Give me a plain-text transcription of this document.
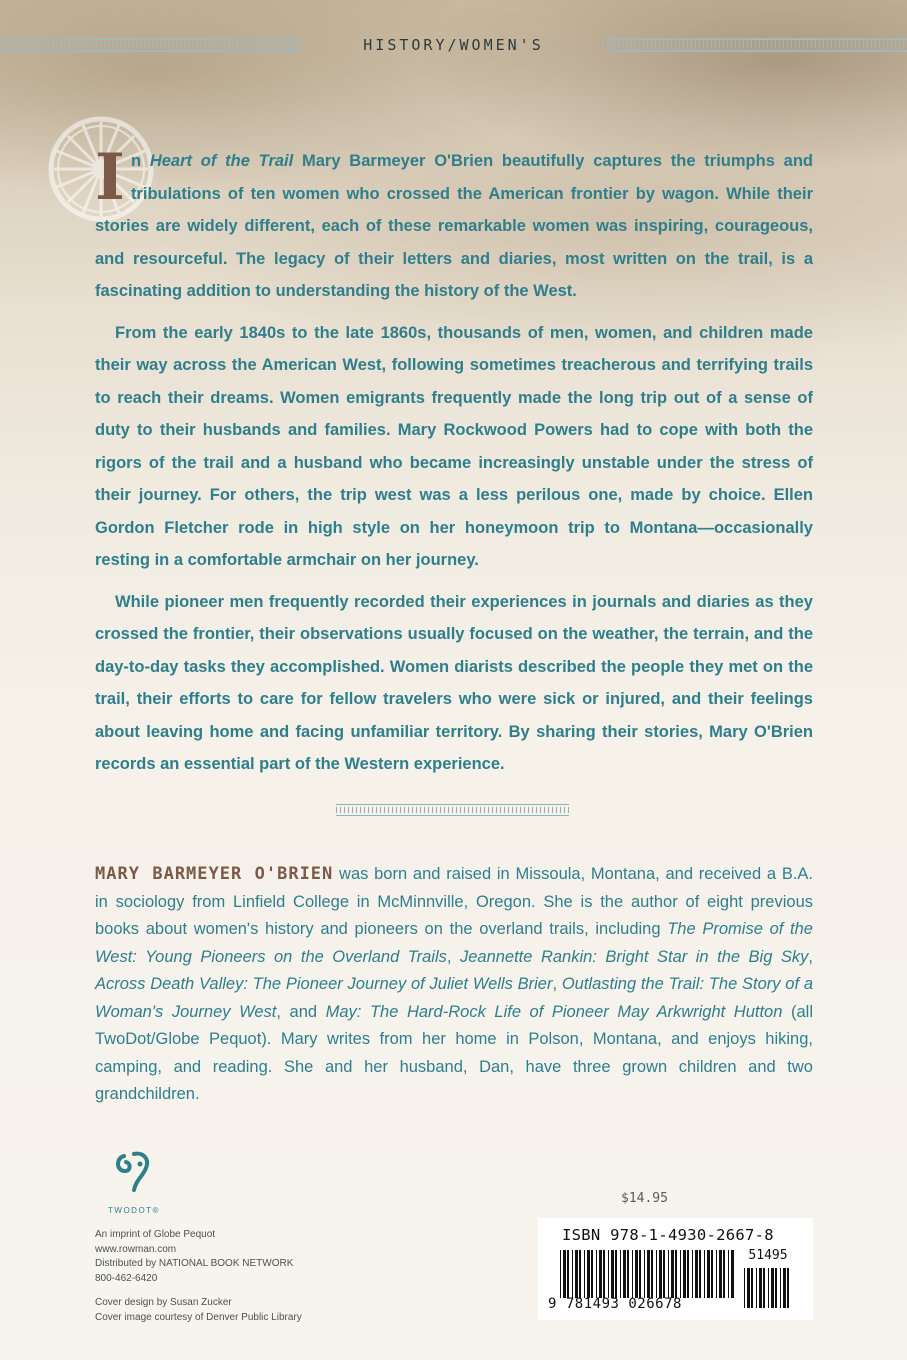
HISTORY/WOMEN'S

In Heart of the Trail Mary Barmeyer O'Brien beautifully captures the triumphs and tribulations of ten women who crossed the American frontier by wagon. While their stories are widely different, each of these remarkable women was inspiring, courageous, and resourceful. The legacy of their letters and diaries, most written on the trail, is a fascinating addition to understanding the history of the West.

From the early 1840s to the late 1860s, thousands of men, women, and children made their way across the American West, following sometimes treacherous and terrifying trails to reach their dreams. Women emigrants frequently made the long trip out of a sense of duty to their husbands and families. Mary Rockwood Powers had to cope with both the rigors of the trail and a husband who became increasingly unstable under the stress of their journey. For others, the trip west was a less perilous one, made by choice. Ellen Gordon Fletcher rode in high style on her honeymoon trip to Montana—occasionally resting in a comfortable armchair on her journey.

While pioneer men frequently recorded their experiences in journals and diaries as they crossed the frontier, their observations usually focused on the weather, the terrain, and the day-to-day tasks they accomplished. Women diarists described the people they met on the trail, their efforts to care for fellow travelers who were sick or injured, and their feelings about leaving home and facing unfamiliar territory. By sharing their stories, Mary O'Brien records an essential part of the Western experience.

MARY BARMEYER O'BRIEN was born and raised in Missoula, Montana, and received a B.A. in sociology from Linfield College in McMinnville, Oregon. She is the author of eight previous books about women's history and pioneers on the overland trails, including The Promise of the West: Young Pioneers on the Overland Trails, Jeannette Rankin: Bright Star in the Big Sky, Across Death Valley: The Pioneer Journey of Juliet Wells Brier, Outlasting the Trail: The Story of a Woman's Journey West, and May: The Hard-Rock Life of Pioneer May Arkwright Hutton (all TwoDot/Globe Pequot). Mary writes from her home in Polson, Montana, and enjoys hiking, camping, and reading. She and her husband, Dan, have three grown children and two grandchildren.

TWODOT®
An imprint of Globe Pequot
www.rowman.com
Distributed by NATIONAL BOOK NETWORK
800-462-6420
Cover design by Susan Zucker
Cover image courtesy of Denver Public Library
$14.95
ISBN 978-1-4930-2667-8
51495
9 781493 026678
